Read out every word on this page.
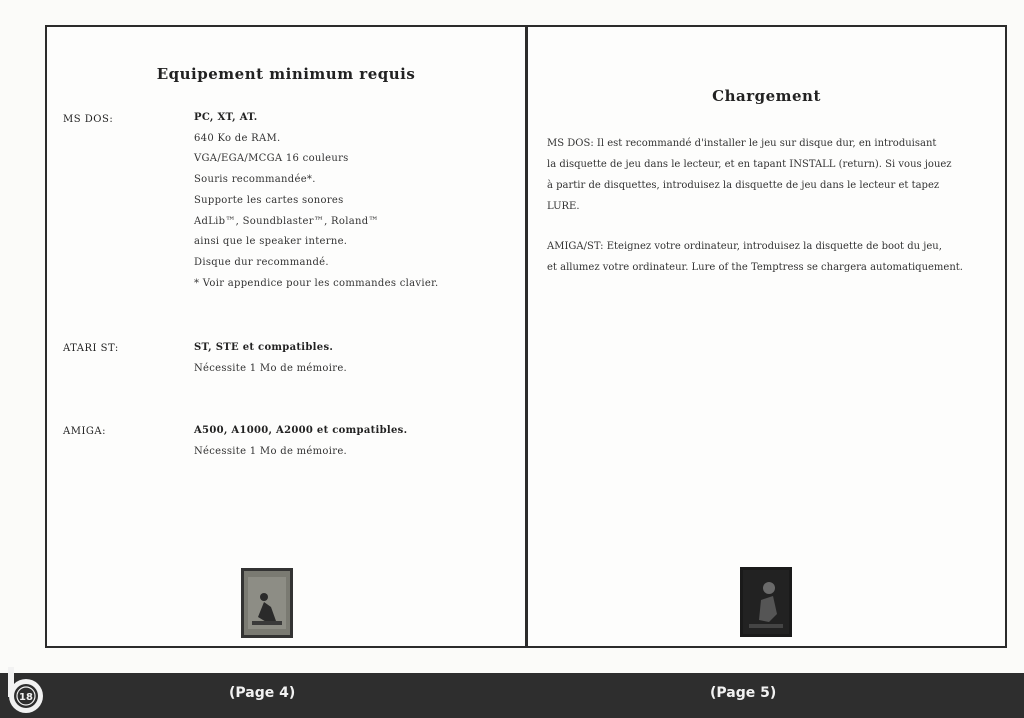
Equipement minimum requis
MS DOS:	PC, XT, AT.
640 Ko de RAM.
VGA/EGA/MCGA 16 couleurs
Souris recommandée*.
Supporte les cartes sonores
AdLib™, Soundblaster™, Roland™
ainsi que le speaker interne.
Disque dur recommandé.
* Voir appendice pour les commandes clavier.
ATARI ST:	ST, STE et compatibles.
Nécessite 1 Mo de mémoire.
AMIGA:	A500, A1000, A2000 et compatibles.
Nécessite 1 Mo de mémoire.
Chargement
MS DOS: Il est recommandé d'installer le jeu sur disque dur, en introduisant
la disquette de jeu dans le lecteur, et en tapant INSTALL (return). Si vous jouez
à partir de disquettes, introduisez la disquette de jeu dans le lecteur et tapez
LURE.
AMIGA/ST: Eteignez votre ordinateur, introduisez la disquette de boot du jeu,
et allumez votre ordinateur. Lure of the Temptress se chargera automatiquement.
18	(Page 4)	(Page 5)
